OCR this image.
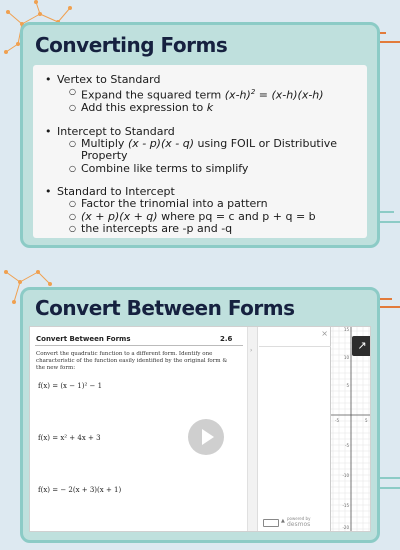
Converting Forms
• Vertex to Standard
○ Expand the squared term $(x-h)^2 = (x-h)(x-h)$
○ Add this expression to k
• Intercept to Standard
○ Multiply (x - p)(x - q) using FOIL or Distributive Property
○ Combine like terms to simplify
• Standard to Intercept
○ Factor the trinomial into a pattern
○ (x + p)(x + q) where pq = c and p + q = b
○ the intercepts are -p and -q
Convert Between Forms
Convert Between Forms	2.6
Convert the quadratic function to a different form. Identify one characteristic of the function easily identified by the original form & the new form:
f(x) = (x − 1)² − 1
f(x) = x² + 4x + 3
f(x) = − 2(x + 3)(x + 1)
›
×
▲ powered by
desmos
15
10
5
-5
-10
-15
-20
-5	5
↗
